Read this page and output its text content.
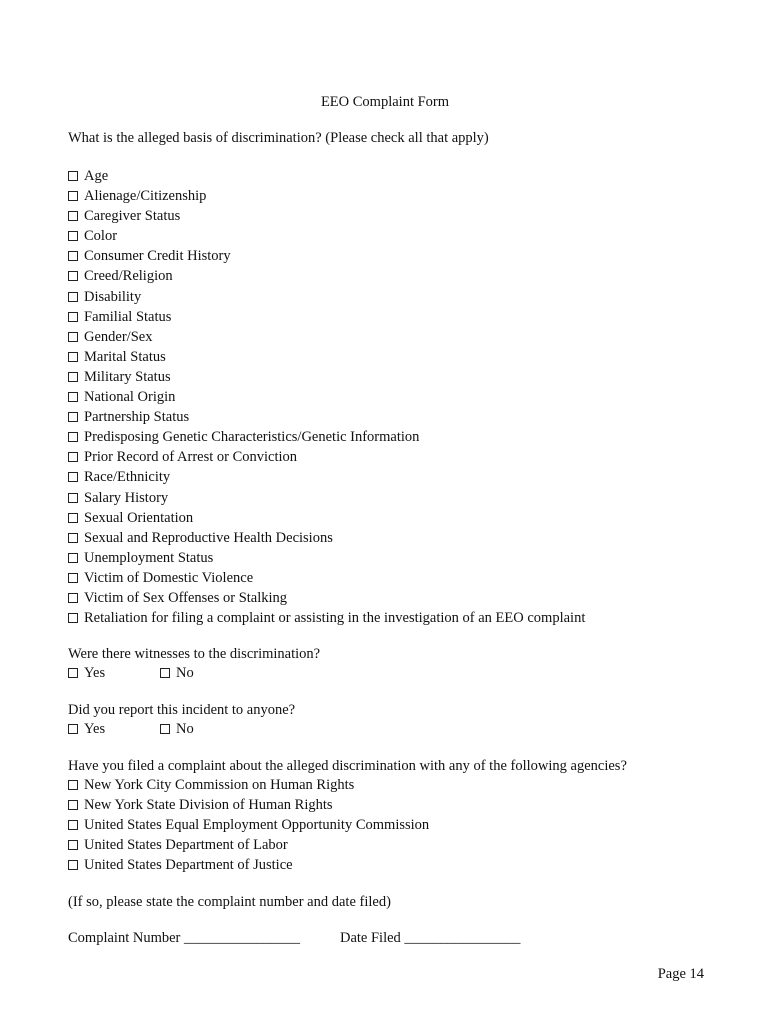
EEO Complaint Form
What is the alleged basis of discrimination? (Please check all that apply)
Age
Alienage/Citizenship
Caregiver Status
Color
Consumer Credit History
Creed/Religion
Disability
Familial Status
Gender/Sex
Marital Status
Military Status
National Origin
Partnership Status
Predisposing Genetic Characteristics/Genetic Information
Prior Record of Arrest or Conviction
Race/Ethnicity
Salary History
Sexual Orientation
Sexual and Reproductive Health Decisions
Unemployment Status
Victim of Domestic Violence
Victim of Sex Offenses or Stalking
Retaliation for filing a complaint or assisting in the investigation of an EEO complaint
Were there witnesses to the discrimination?
Yes	No
Did you report this incident to anyone?
Yes	No
Have you filed a complaint about the alleged discrimination with any of the following agencies?
New York City Commission on Human Rights
New York State Division of Human Rights
United States Equal Employment Opportunity Commission
United States Department of Labor
United States Department of Justice
(If so, please state the complaint number and date filed)
Complaint Number ________________	Date Filed ________________
Page 14
